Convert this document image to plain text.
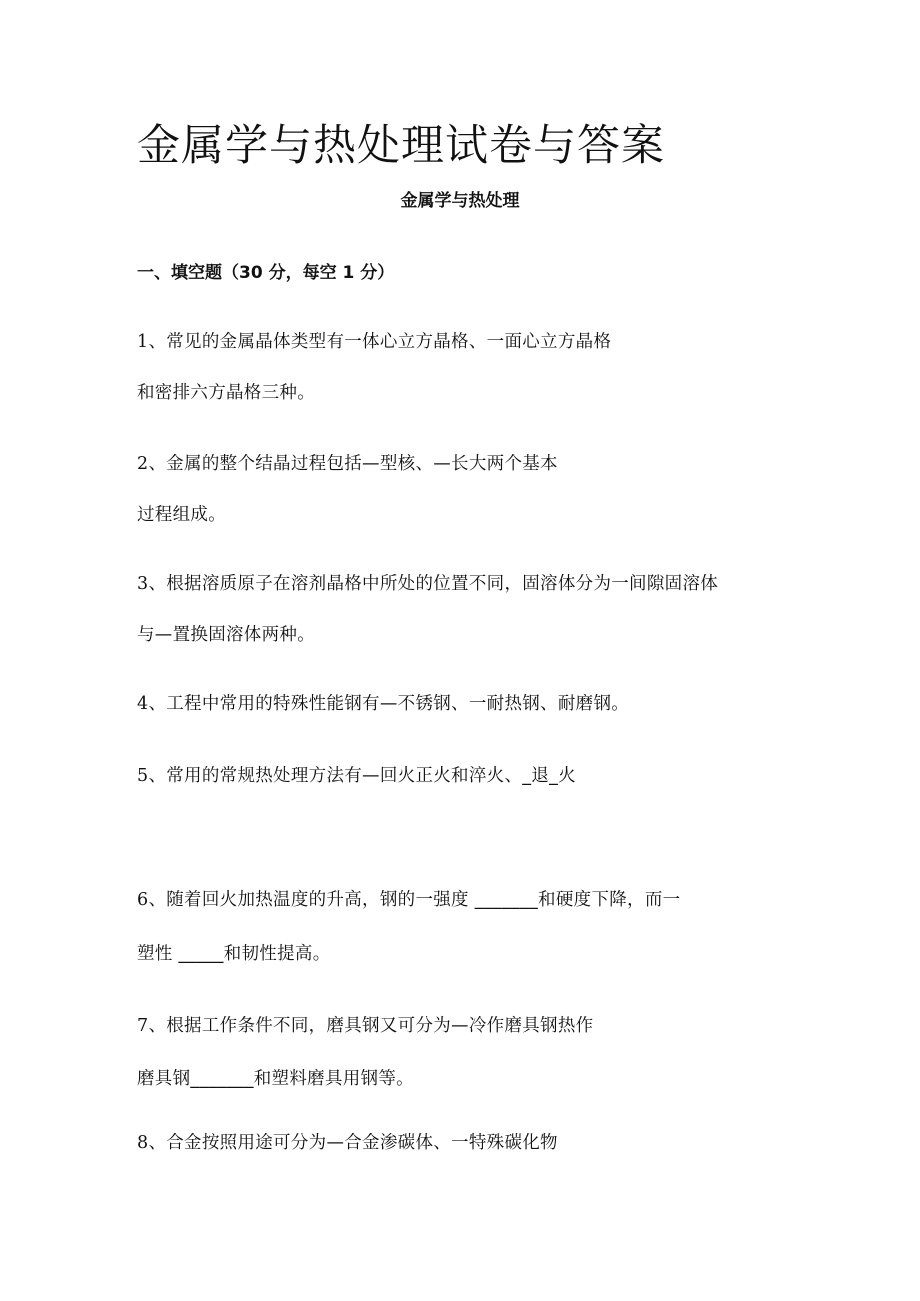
金属学与热处理试卷与答案
金属学与热处理
一、填空题（30 分，每空 1 分）
1、常见的金属晶体类型有一体心立方晶格、一面心立方晶格
和密排六方晶格三种。
2、金属的整个结晶过程包括—型核、—长大两个基本
过程组成。
3、根据溶质原子在溶剂晶格中所处的位置不同，固溶体分为一间隙固溶体
与—置换固溶体两种。
4、工程中常用的特殊性能钢有—不锈钢、一耐热钢、耐磨钢。
5、常用的常规热处理方法有—回火正火和淬火、_退_火
6、随着回火加热温度的升高，钢的一强度 _______和硬度下降，而一
塑性 _____和韧性提高。
7、根据工作条件不同，磨具钢又可分为—冷作磨具钢热作
磨具钢_______和塑料磨具用钢等。
8、合金按照用途可分为—合金渗碳体、一特殊碳化物
